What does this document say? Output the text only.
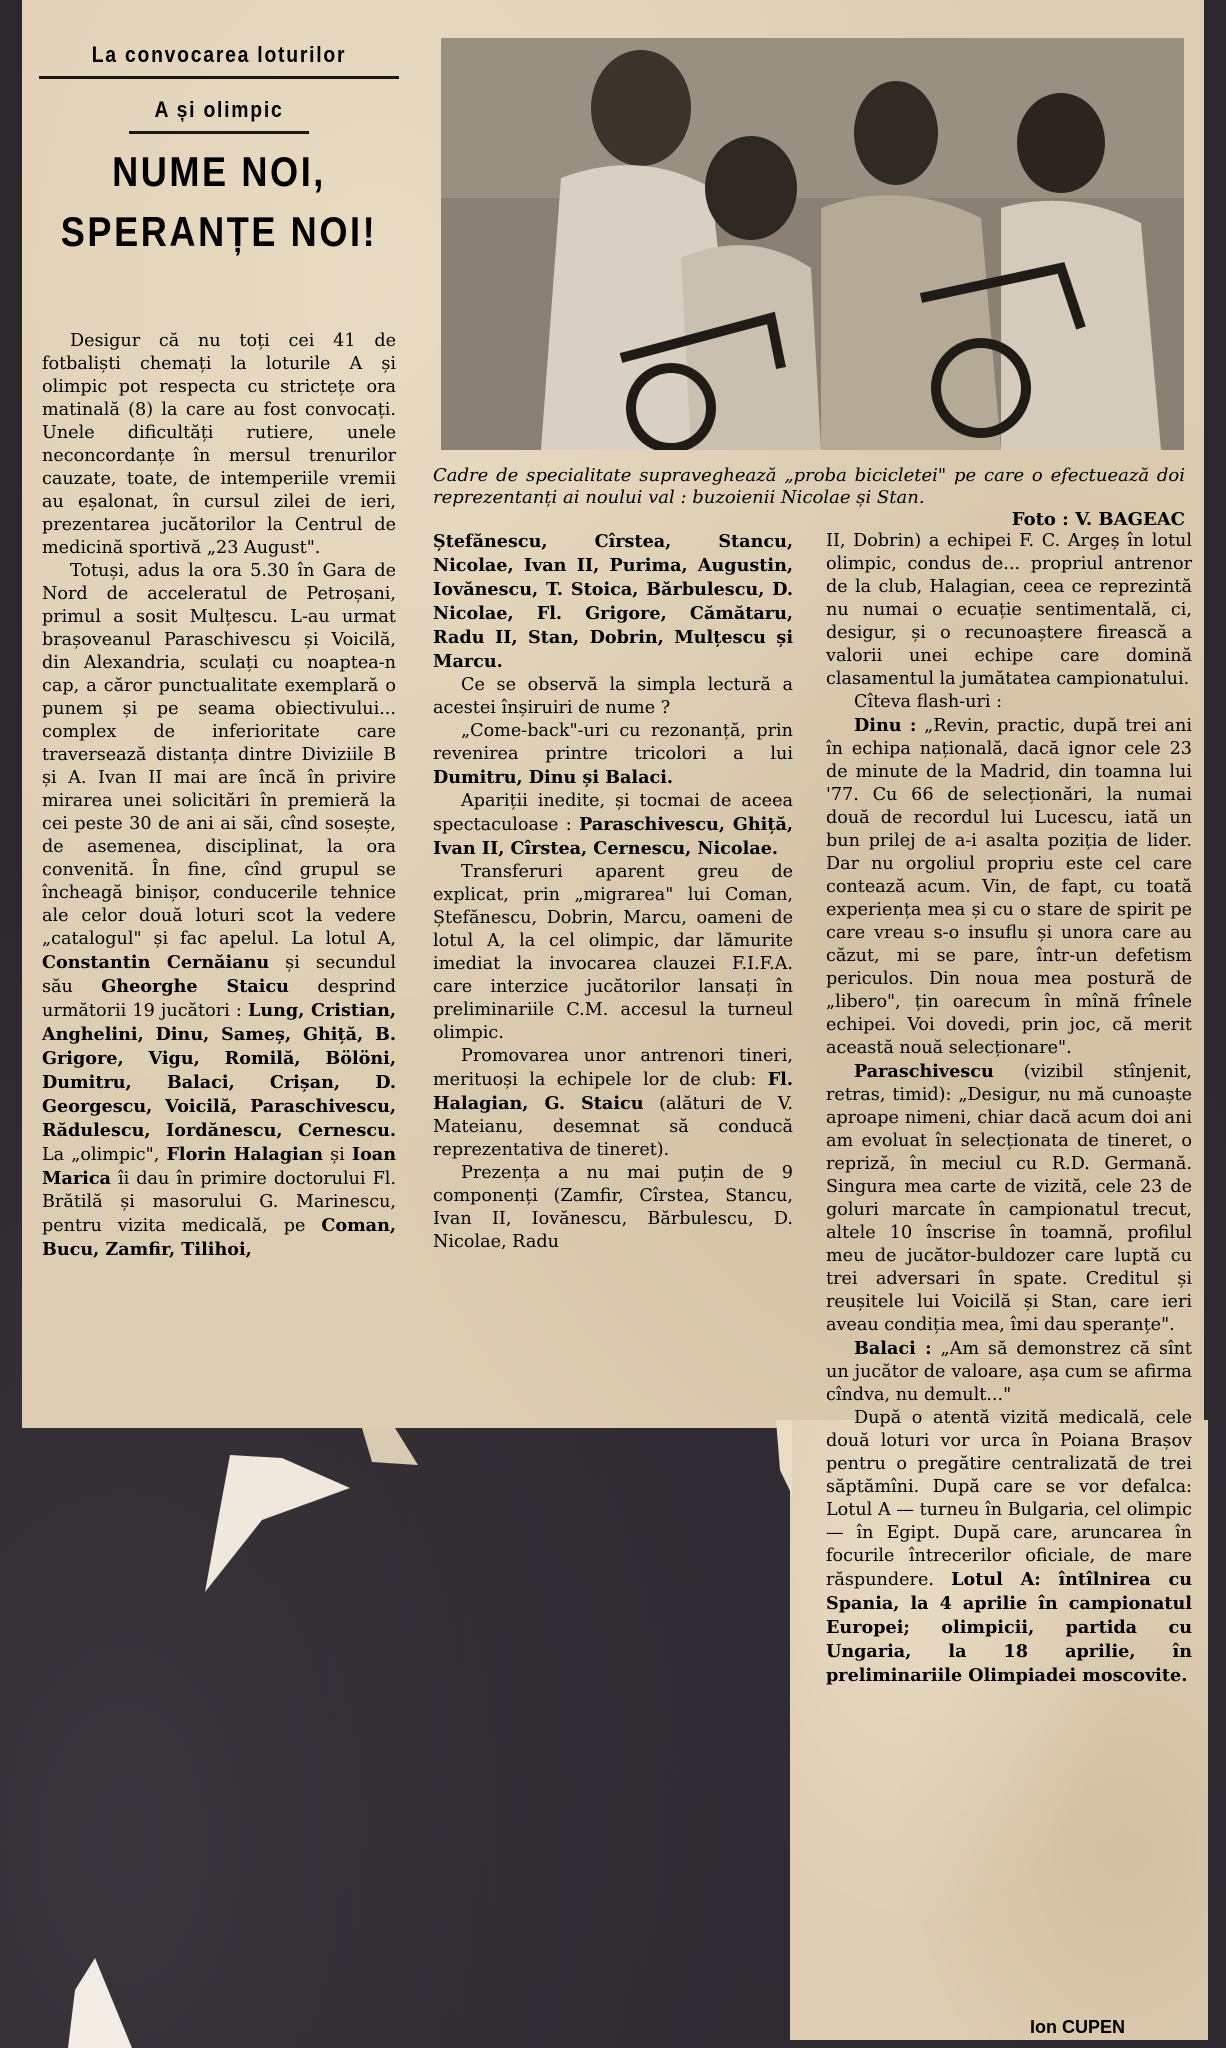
La convocarea loturilor
A și olimpic
NUME NOI,
SPERANȚE NOI!
Cadre de specialitate supraveghează „proba bicicletei" pe care o efectuează doi reprezentanți ai noului val : buzoienii Nicolae și Stan.
Foto : V. BAGEAC

Desigur că nu toți cei 41 de fotbaliști chemați la loturile A și olimpic pot respecta cu strictețe ora matinală (8) la care au fost convocați. Unele dificultăți rutiere, unele neconcordanțe în mersul trenurilor cauzate, toate, de intemperiile vremii au eșalonat, în cursul zilei de ieri, prezentarea jucătorilor la Centrul de medicină sportivă „23 August".

Totuși, adus la ora 5.30 în Gara de Nord de acceleratul de Petroșani, primul a sosit Mulțescu. L-au urmat brașoveanul Paraschivescu și Voicilă, din Alexandria, sculați cu noaptea-n cap, a căror punctualitate exemplară o punem și pe seama obiectivului... complex de inferioritate care traversează distanța dintre Diviziile B și A. Ivan II mai are încă în privire mirarea unei solicitări în premieră la cei peste 30 de ani ai săi, cînd sosește, de asemenea, disciplinat, la ora convenită. În fine, cînd grupul se încheagă binișor, conducerile tehnice ale celor două loturi scot la vedere „catalogul" și fac apelul. La lotul A, Constantin Cernăianu și secundul său Gheorghe Staicu desprind următorii 19 jucători : Lung, Cristian, Anghelini, Dinu, Sameș, Ghiță, B. Grigore, Vigu, Romilă, Bölöni, Dumitru, Balaci, Crișan, D. Georgescu, Voicilă, Paraschivescu, Rădulescu, Iordănescu, Cernescu. La „olimpic", Florin Halagian și Ioan Marica îi dau în primire doctorului Fl. Brătilă și masorului G. Marinescu, pentru vizita medicală, pe Coman, Bucu, Zamfir, Tilihoi,

Ștefănescu, Cîrstea, Stancu, Nicolae, Ivan II, Purima, Augustin, Iovănescu, T. Stoica, Bărbulescu, D. Nicolae, Fl. Grigore, Cămătaru, Radu II, Stan, Dobrin, Mulțescu și Marcu.

Ce se observă la simpla lectură a acestei înșiruiri de nume ?

„Come-back"-uri cu rezonanță, prin revenirea printre tricolori a lui Dumitru, Dinu și Balaci.

Apariții inedite, și tocmai de aceea spectaculoase : Paraschivescu, Ghiță, Ivan II, Cîrstea, Cernescu, Nicolae.

Transferuri aparent greu de explicat, prin „migrarea" lui Coman, Ștefănescu, Dobrin, Marcu, oameni de lotul A, la cel olimpic, dar lămurite imediat la invocarea clauzei F.I.F.A. care interzice jucătorilor lansați în preliminariile C.M. accesul la turneul olimpic.

Promovarea unor antrenori tineri, merituoși la echipele lor de club: Fl. Halagian, G. Staicu (alături de V. Mateianu, desemnat să conducă reprezentativa de tineret).

Prezența a nu mai puțin de 9 componenți (Zamfir, Cîrstea, Stancu, Ivan II, Iovănescu, Bărbulescu, D. Nicolae, Radu

II, Dobrin) a echipei F. C. Argeș în lotul olimpic, condus de... propriul antrenor de la club, Halagian, ceea ce reprezintă nu numai o ecuație sentimentală, ci, desigur, și o recunoaștere firească a valorii unei echipe care domină clasamentul la jumătatea campionatului.

Cîteva flash-uri :

Dinu : „Revin, practic, după trei ani în echipa națională, dacă ignor cele 23 de minute de la Madrid, din toamna lui '77. Cu 66 de selecționări, la numai două de recordul lui Lucescu, iată un bun prilej de a-i asalta poziția de lider. Dar nu orgoliul propriu este cel care contează acum. Vin, de fapt, cu toată experiența mea și cu o stare de spirit pe care vreau s-o insuflu și unora care au căzut, mi se pare, într-un defetism periculos. Din noua mea postură de „libero", țin oarecum în mînă frînele echipei. Voi dovedi, prin joc, că merit această nouă selecționare".

Paraschivescu (vizibil stînjenit, retras, timid): „Desigur, nu mă cunoaște aproape nimeni, chiar dacă acum doi ani am evoluat în selecționata de tineret, o repriză, în meciul cu R.D. Germană. Singura mea carte de vizită, cele 23 de goluri marcate în campionatul trecut, altele 10 înscrise în toamnă, profilul meu de jucător-buldozer care luptă cu trei adversari în spate. Creditul și reușitele lui Voicilă și Stan, care ieri aveau condiția mea, îmi dau speranțe".

Balaci : „Am să demonstrez că sînt un jucător de valoare, așa cum se afirma cîndva, nu demult..."

După o atentă vizită medicală, cele două loturi vor urca în Poiana Brașov pentru o pregătire centralizată de trei săptămîni. După care se vor defalca: Lotul A — turneu în Bulgaria, cel olimpic — în Egipt. După care, aruncarea în focurile întrecerilor oficiale, de mare răspundere. Lotul A: întîlnirea cu Spania, la 4 aprilie în campionatul Europei; olimpicii, partida cu Ungaria, la 18 aprilie, în preliminariile Olimpiadei moscovite.

Ion CUPEN
